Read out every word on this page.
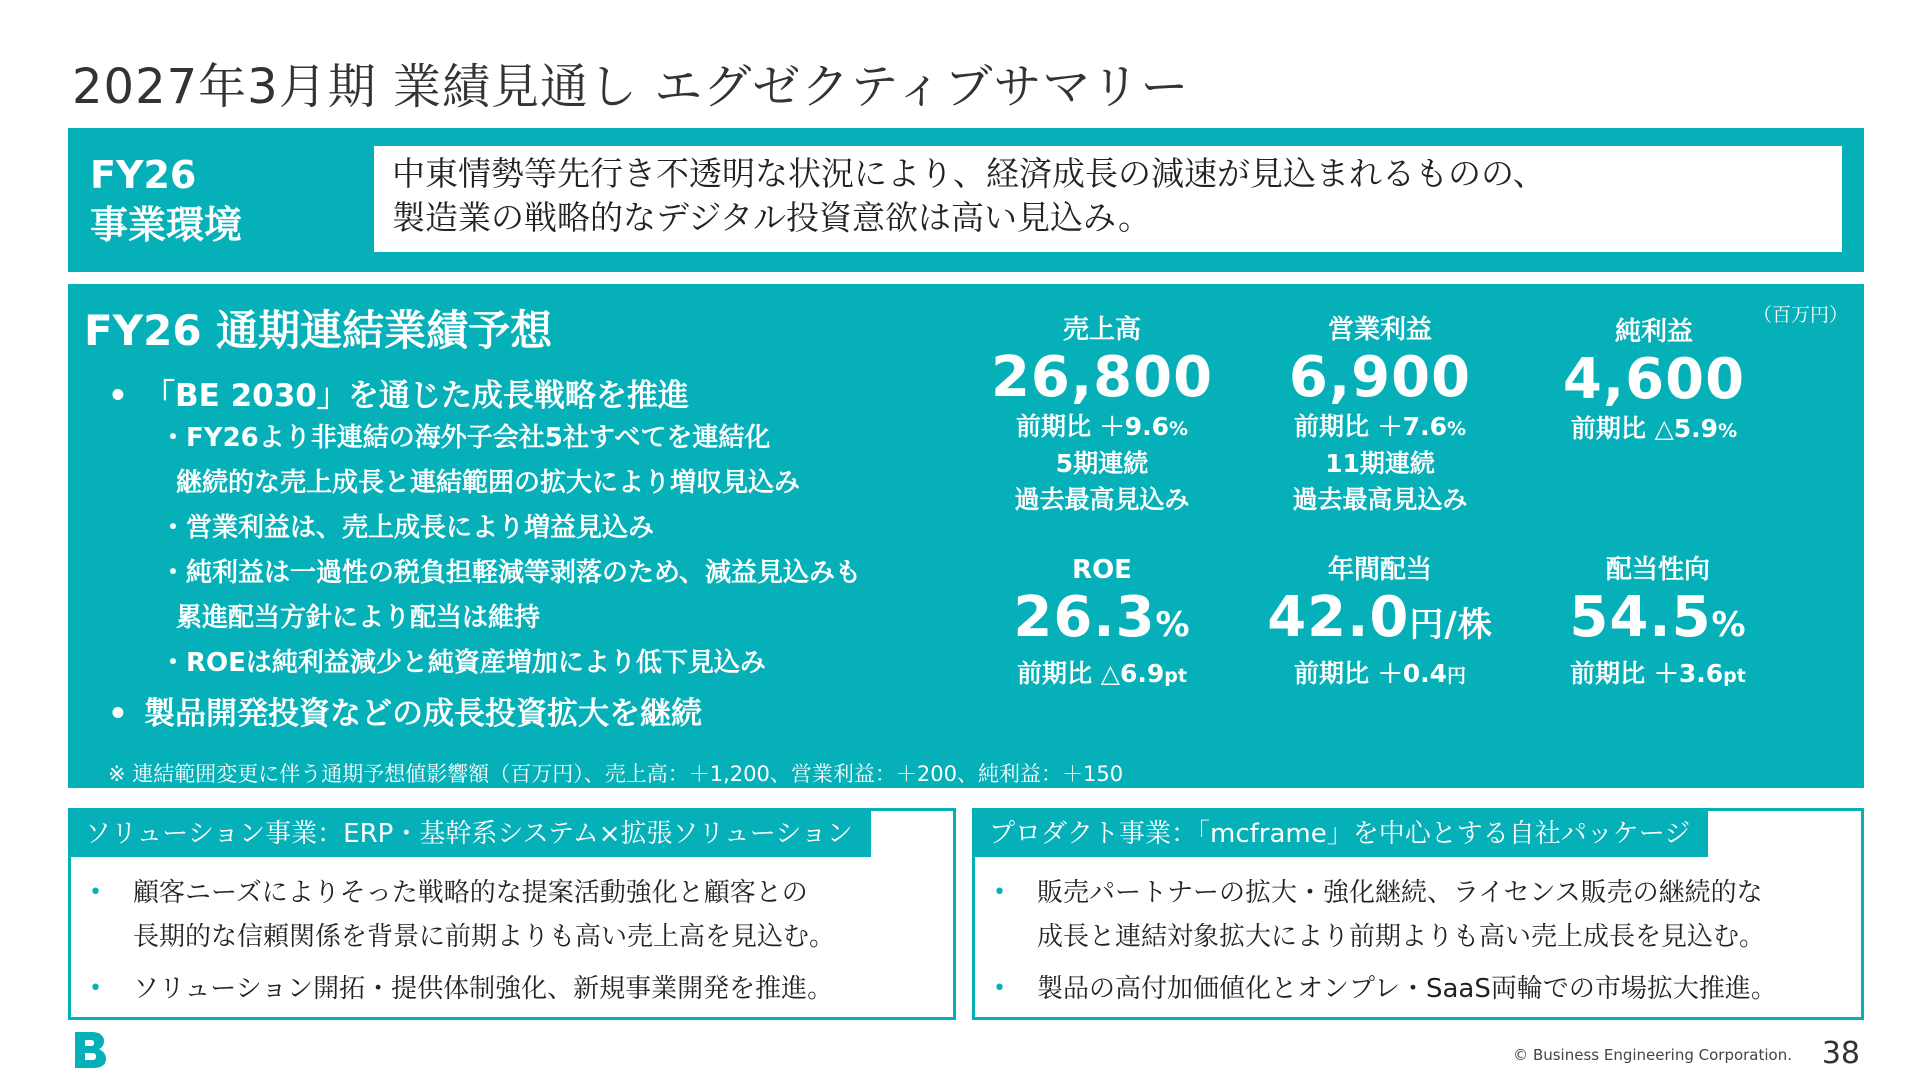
2027年3月期 業績見通し エグゼクティブサマリー
FY26
事業環境
中東情勢等先行き不透明な状況により、経済成長の減速が見込まれるものの、
製造業の戦略的なデジタル投資意欲は高い見込み。
FY26 通期連結業績予想	（百万円）
• 「BE 2030」を通じた成長戦略を推進
・FY26より非連結の海外子会社5社すべてを連結化
継続的な売上成長と連結範囲の拡大により増収見込み
・営業利益は、売上成長により増益見込み
・純利益は一過性の税負担軽減等剥落のため、減益見込みも
累進配当方針により配当は維持
・ROEは純利益減少と純資産増加により低下見込み
• 製品開発投資などの成長投資拡大を継続
※ 連結範囲変更に伴う通期予想値影響額（百万円）、売上高：＋1,200、営業利益：＋200、純利益：＋150
売上高
26,800
前期比 ＋9.6%
5期連続
過去最高見込み
営業利益
6,900
前期比 ＋7.6%
11期連続
過去最高見込み
純利益
4,600
前期比 △5.9%
ROE
26.3%
前期比 △6.9pt
年間配当
42.0円/株
前期比 ＋0.4円
配当性向
54.5%
前期比 ＋3.6pt
ソリューション事業：ERP・基幹系システム×拡張ソリューション
• 顧客ニーズによりそった戦略的な提案活動強化と顧客との
長期的な信頼関係を背景に前期よりも高い売上高を見込む。
• ソリューション開拓・提供体制強化、新規事業開発を推進。
プロダクト事業：「mcframe」を中心とする自社パッケージ
• 販売パートナーの拡大・強化継続、ライセンス販売の継続的な
成長と連結対象拡大により前期よりも高い売上成長を見込む。
• 製品の高付加価値化とオンプレ・SaaS両輪での市場拡大推進。
© Business Engineering Corporation. 38
